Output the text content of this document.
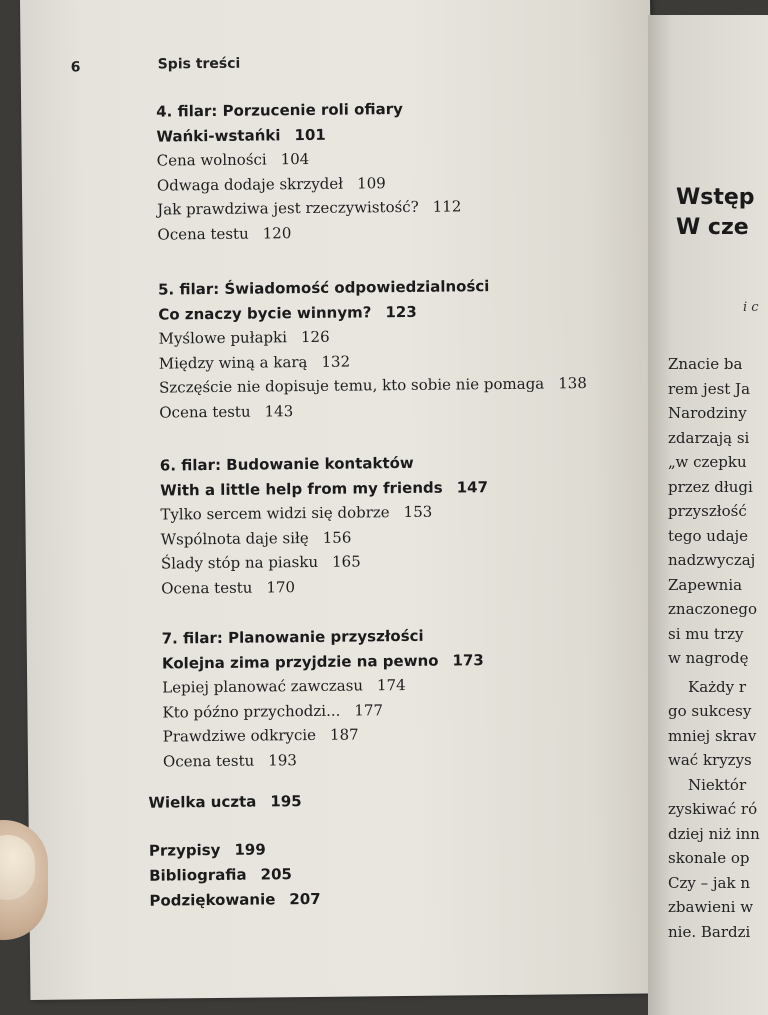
6	Spis treści
4. filar: Porzucenie roli ofiary
Wańki-wstańki 101
Cena wolności 104
Odwaga dodaje skrzydeł 109
Jak prawdziwa jest rzeczywistość? 112
Ocena testu 120
5. filar: Świadomość odpowiedzialności
Co znaczy bycie winnym? 123
Myślowe pułapki 126
Między winą a karą 132
Szczęście nie dopisuje temu, kto sobie nie pomaga 138
Ocena testu 143
6. filar: Budowanie kontaktów
With a little help from my friends 147
Tylko sercem widzi się dobrze 153
Wspólnota daje siłę 156
Ślady stóp na piasku 165
Ocena testu 170
7. filar: Planowanie przyszłości
Kolejna zima przyjdzie na pewno 173
Lepiej planować zawczasu 174
Kto późno przychodzi... 177
Prawdziwe odkrycie 187
Ocena testu 193
Wielka uczta 195
Przypisy 199
Bibliografia 205
Podziękowanie 207
Wstęp
W cze
i c
Znacie ba
rem jest Ja
Narodziny
zdarzają si
„w czepku
przez długi
przyszłość
tego udaje
nadzwyczaj
Zapewnia
znaczonego
si mu trzy
w nagrodę
Każdy r
go sukcesy
mniej skrav
wać kryzys
Niektór
zyskiwać ró
dziej niż inn
skonale op
Czy – jak n
zbawieni w
nie. Bardzi
